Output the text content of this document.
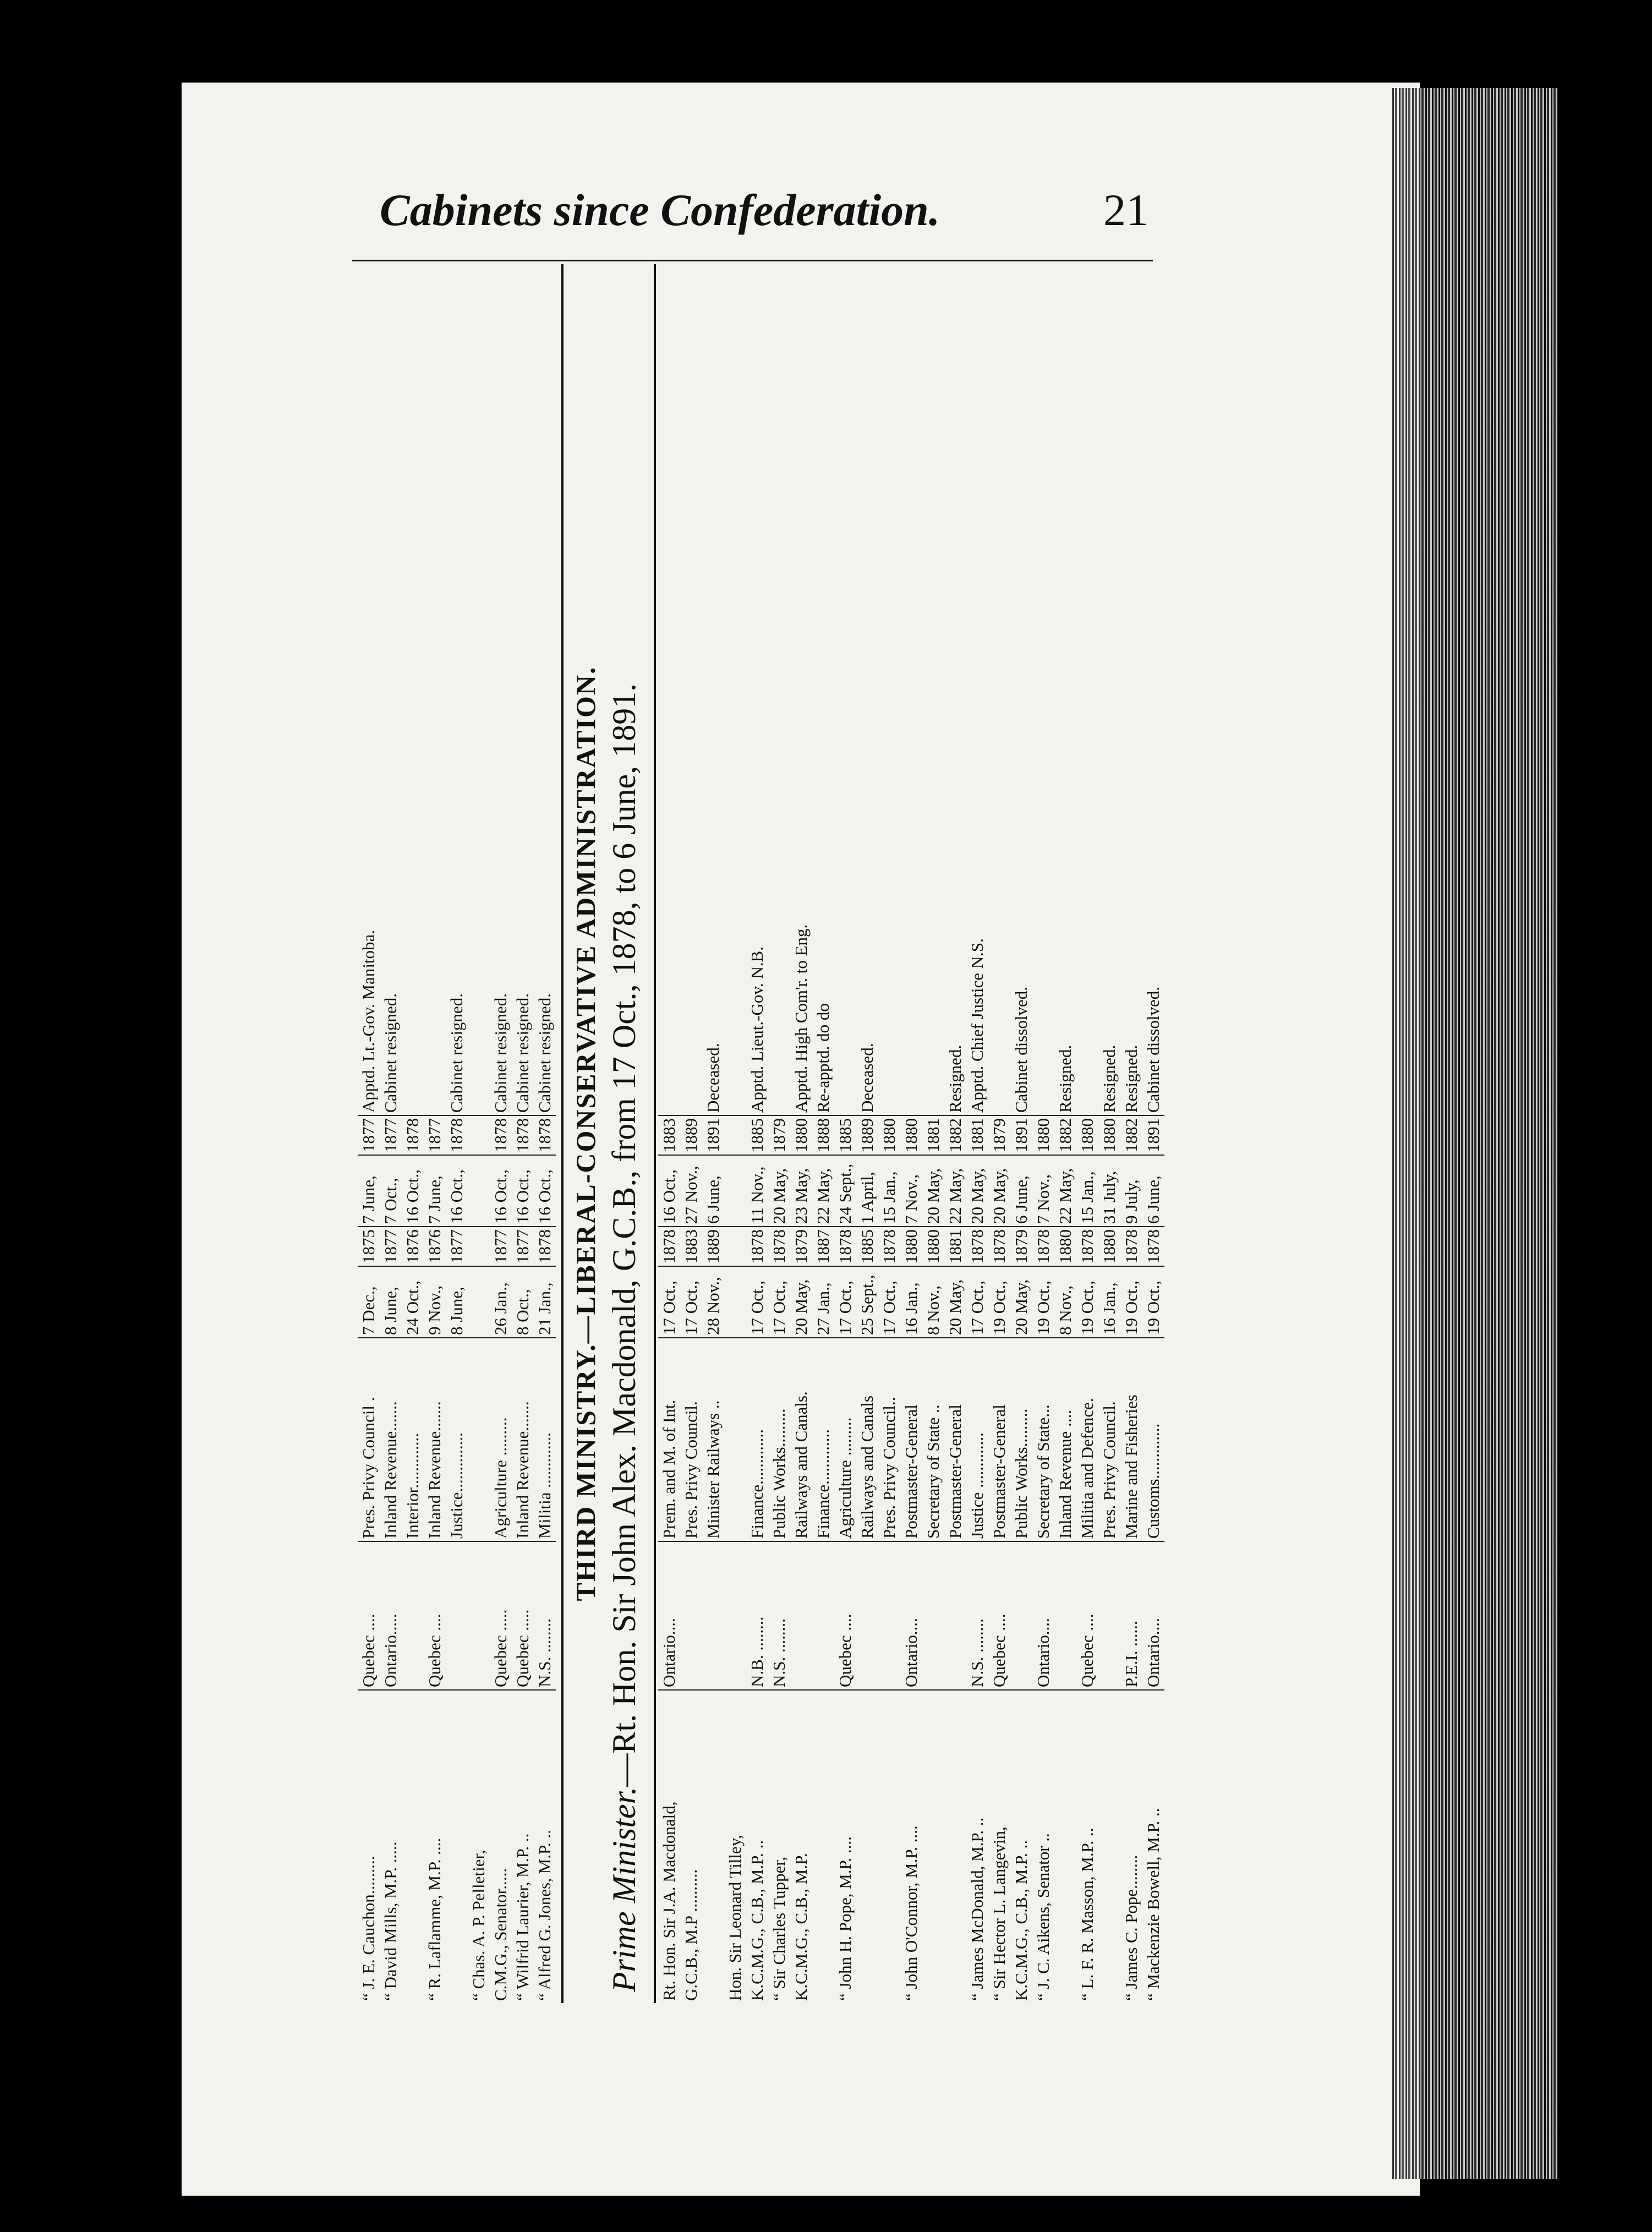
Cabinets since Confederation.	21
“ J. E. Cauchon.........	Quebec ....	Pres. Privy Council .	7 Dec.,	1875	7 June,	1877	Apptd. Lt.-Gov. Manitoba.
“ David Mills, M.P. .....	Ontario.....	Inland Revenue.......	8 June,	1877	7 Oct.,	1877	Cabinet resigned.
		Interior.............	24 Oct.,	1876	16 Oct.,	1878	
“ R. Laflamme, M.P. ....	Quebec ....	Inland Revenue.......	9 Nov.,	1876	7 June,	1877	
		Justice..............	8 June,	1877	16 Oct.,	1878	Cabinet resigned.
“ Chas. A. P. Pelletier,							
C.M.G., Senator.....	Quebec .....	Agriculture .........	26 Jan.,	1877	16 Oct.,	1878	Cabinet resigned.
“ Wilfrid Laurier, M.P. ..	Quebec .....	Inland Revenue.......	8 Oct.,	1877	16 Oct.,	1878	Cabinet resigned.
“ Alfred G. Jones, M.P. ..	N.S. ........	Militia .............	21 Jan.,	1878	16 Oct.,	1878	Cabinet resigned. THIRD MINISTRY.—LIBERAL-CONSERVATIVE ADMINISTRATION.
Prime Minister.—Rt. Hon. Sir John Alex. Macdonald, G.C.B., from 17 Oct., 1878, to 6 June, 1891.
Rt. Hon. Sir J.A. Macdonald,	Ontario....	Prem. and M. of Int.	17 Oct.,	1878	16 Oct.,	1883	
G.C.B., M.P ..........		Pres. Privy Council.	17 Oct.,	1883	27 Nov.,	1889	
		Minister Railways ..	28 Nov.,	1889	6 June,	1891	Deceased.
Hon. Sir Leonard Tilley,							
K.C.M.G., C.B., M.P. ..	N.B. ........	Finance.............	17 Oct.,	1878	11 Nov.,	1885	Apptd. Lieut.-Gov. N.B.
“ Sir Charles Tupper,	N.S. ........	Public Works.........	17 Oct.,	1878	20 May,	1879	
K.C.M.G., C.B., M.P.		Railways and Canals.	20 May,	1879	23 May,	1880	Apptd. High Com'r. to Eng.
		Finance.............	27 Jan.,	1887	22 May,	1888	Re-apptd. do do
“ John H. Pope, M.P. ....	Quebec ....	Agriculture .........	17 Oct.,	1878	24 Sept.,	1885	
		Railways and Canals	25 Sept.,	1885	1 April,	1889	Deceased.
		Pres. Privy Council..	17 Oct.,	1878	15 Jan.,	1880	
“ John O'Connor, M.P. ....	Ontario....	Postmaster-General	16 Jan.,	1880	7 Nov.,	1880	
		Secretary of State ..	8 Nov.,	1880	20 May,	1881	
		Postmaster-General	20 May,	1881	22 May,	1882	Resigned.
“ James McDonald, M.P. ..	N.S. ........	Justice .............	17 Oct.,	1878	20 May,	1881	Apptd. Chief Justice N.S.
“ Sir Hector L. Langevin,	Quebec ....	Postmaster-General	19 Oct.,	1878	20 May,	1879	
K.C.M.G., C.B., M.P. ..		Public Works.........	20 May,	1879	6 June,	1891	Cabinet dissolved.
“ J. C. Aikens, Senator ..	Ontario....	Secretary of State...	19 Oct.,	1878	7 Nov.,	1880	
		Inland Revenue ....	8 Nov.,	1880	22 May,	1882	Resigned.
“ L. F. R. Masson, M.P. ..	Quebec ....	Militia and Defence.	19 Oct.,	1878	15 Jan.,	1880	
		Pres. Privy Council.	16 Jan.,	1880	31 July,	1880	Resigned.
“ James C. Pope........	P.E.I. ......	Marine and Fisheries	19 Oct.,	1878	9 July,	1882	Resigned.
“ Mackenzie Bowell, M.P. ..	Ontario....	Customs.............	19 Oct.,	1878	6 June,	1891	Cabinet dissolved.
